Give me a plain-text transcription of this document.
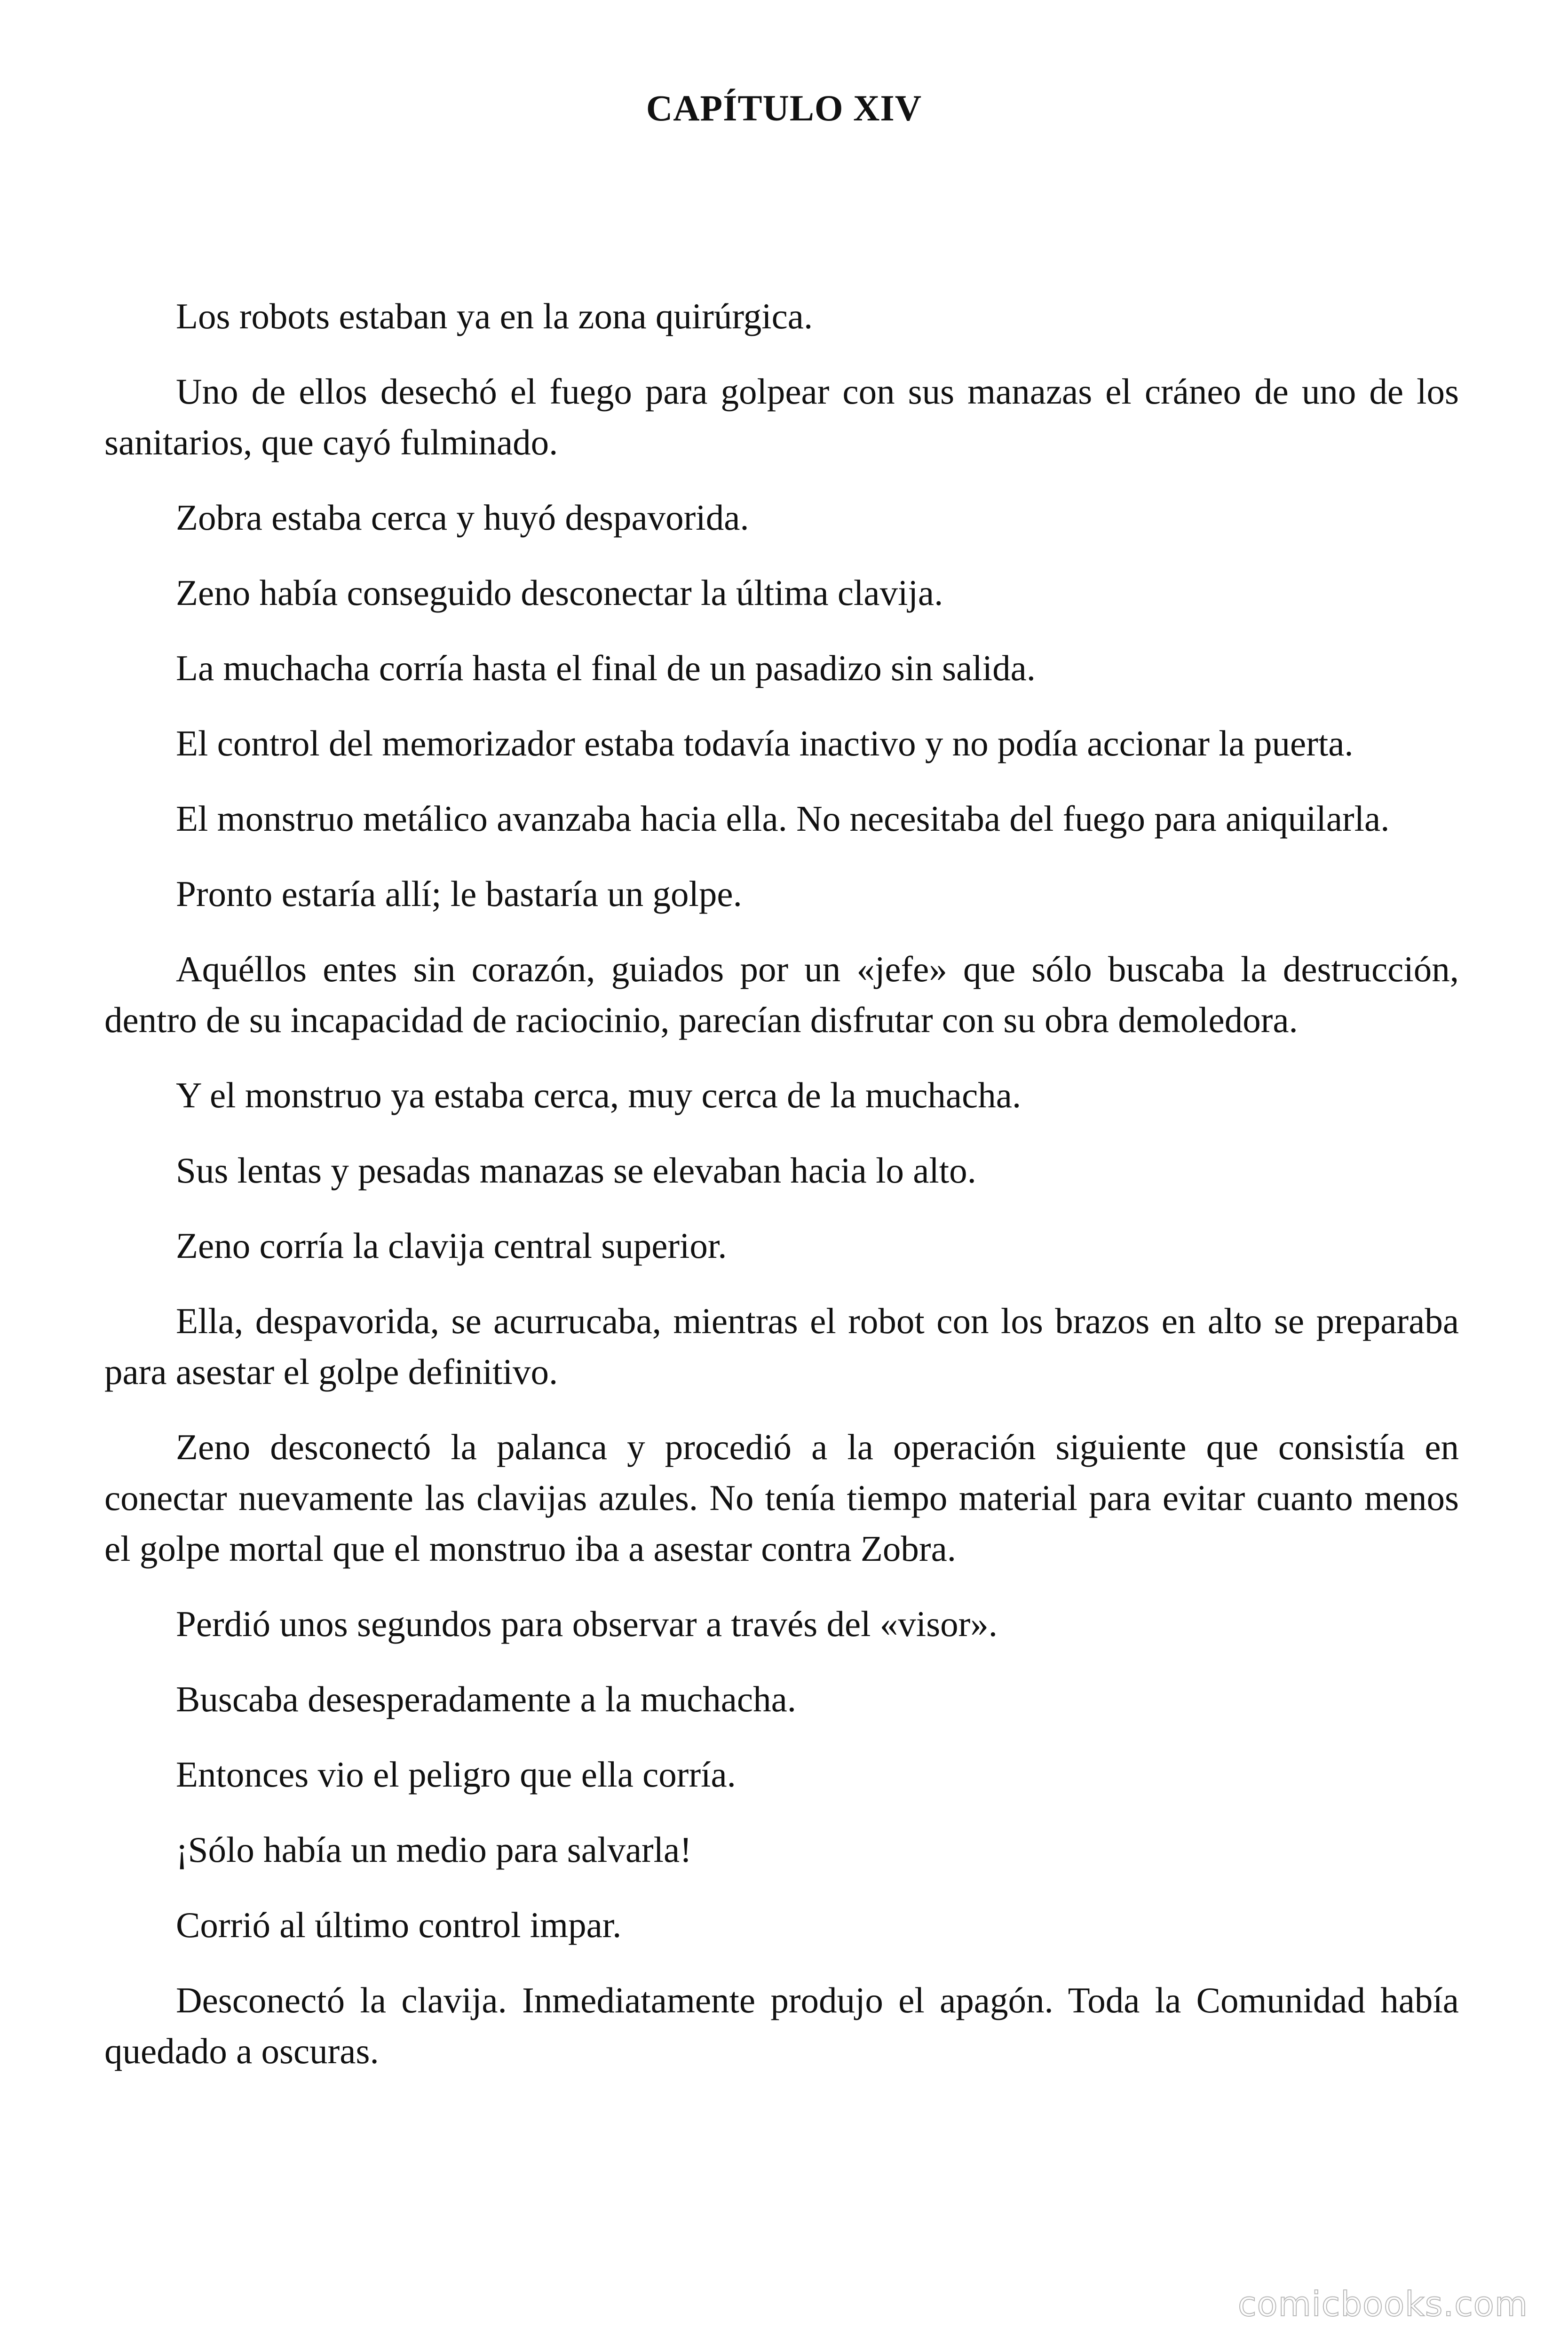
CAPÍTULO XIV

Los robots estaban ya en la zona quirúrgica.

Uno de ellos desechó el fuego para golpear con sus manazas el cráneo de uno de los sanitarios, que cayó fulminado.

Zobra estaba cerca y huyó despavorida.

Zeno había conseguido desconectar la última clavija.

La muchacha corría hasta el final de un pasadizo sin salida.

El control del memorizador estaba todavía inactivo y no podía accionar la puerta.

El monstruo metálico avanzaba hacia ella. No necesitaba del fuego para aniquilarla.

Pronto estaría allí; le bastaría un golpe.

Aquéllos entes sin corazón, guiados por un «jefe» que sólo buscaba la destrucción, dentro de su incapacidad de raciocinio, parecían disfrutar con su obra demoledora.

Y el monstruo ya estaba cerca, muy cerca de la muchacha.

Sus lentas y pesadas manazas se elevaban hacia lo alto.

Zeno corría la clavija central superior.

Ella, despavorida, se acurrucaba, mientras el robot con los brazos en alto se preparaba para asestar el golpe definitivo.

Zeno desconectó la palanca y procedió a la operación siguiente que consistía en conectar nuevamente las clavijas azules. No tenía tiempo material para evitar cuanto menos el golpe mortal que el monstruo iba a asestar contra Zobra.

Perdió unos segundos para observar a través del «visor».

Buscaba desesperadamente a la muchacha.

Entonces vio el peligro que ella corría.

¡Sólo había un medio para salvarla!

Corrió al último control impar.

Desconectó la clavija. Inmediatamente produjo el apagón. Toda la Comunidad había quedado a oscuras.

comicbooks.com
